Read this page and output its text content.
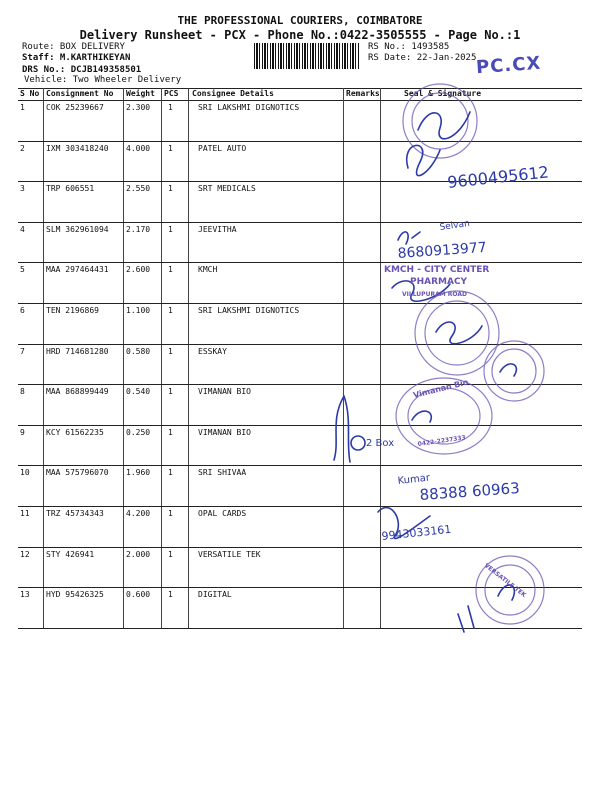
THE PROFESSIONAL COURIERS, COIMBATORE
Delivery Runsheet - PCX - Phone No.:0422-3505555 - Page No.:1
Route: BOX DELIVERY
Staff: M.KARTHIKEYAN
DRS No.: DCJB149358501
Vehicle: Two Wheeler Delivery
RS No.: 1493585
RS Date: 22-Jan-2025
PC.CX
S No Consignment No Weight PCS Consignee Details	Remarks	Seal & Signature
1	COK 25239667	2.300 1	SRI LAKSHMI DIGNOTICS
2	IXM 303418240 4.000 1	PATEL AUTO
3	TRP 606551	2.550 1	SRT MEDICALS
4	SLM 362961094 2.170 1	JEEVITHA
5	MAA 297464431 2.600 1	KMCH
6	TEN 2196869	1.100 1	SRI LAKSHMI DIGNOTICS
7	HRD 714681280 0.580 1	ESSKAY
8	MAA 868899449 0.540 1	VIMANAN BIO
9	KCY 61562235	0.250 1	VIMANAN BIO
10 MAA 575796070 1.960 1	SRI SHIVAA
11 TRZ 45734343	4.200 1	OPAL CARDS
12 STY 426941	2.000 1	VERSATILE TEK
13 HYD 95426325	0.600 1	DIGITAL
9600495612
Selvan
8680913977
2 Box
Kumar
88388 60963
9943033161
KMCH - CITY CENTER
PHARMACY
VILLUPURAM ROAD
Vimanan Bio
0422-2237333
VERSATILE TEK
